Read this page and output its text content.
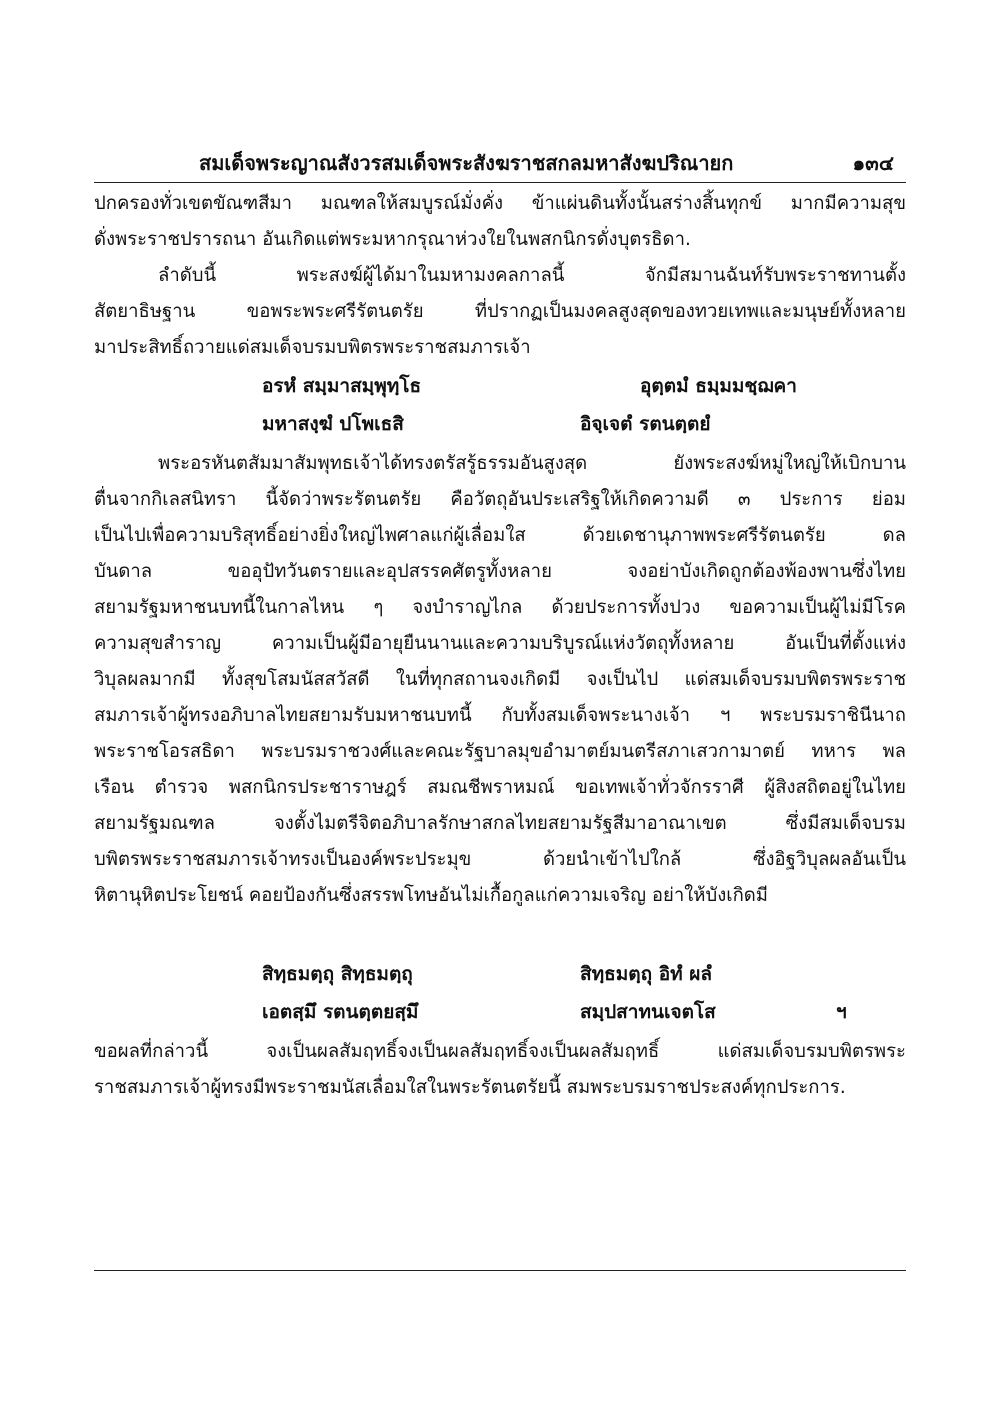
สมเด็จพระญาณสังวรสมเด็จพระสังฆราชสกลมหาสังฆปริณายก	๑๓๔
ปกครองทั่วเขตขัณฑสีมา มณฑลให้สมบูรณ์มั่งคั่ง ข้าแผ่นดินทั้งนั้นสร่างสิ้นทุกข์ มากมีความสุข
ดั่งพระราชปรารถนา อันเกิดแต่พระมหากรุณาห่วงใยในพสกนิกรดั่งบุตรธิดา.
ลำดับนี้ พระสงฆ์ผู้ได้มาในมหามงคลกาลนี้ จักมีสมานฉันท์รับพระราชทานตั้ง
สัตยาธิษฐาน ขอพระพระศรีรัตนตรัย ที่ปรากฏเป็นมงคลสูงสุดของทวยเทพและมนุษย์ทั้งหลาย
มาประสิทธิ์ถวายแด่สมเด็จบรมบพิตรพระราชสมภารเจ้า
อรหํ สมฺมาสมฺพุทฺโธ	อุตฺตมํ ธมฺมมชฺฌคา
มหาสงฺฆํ ปโพเธสิ	อิจฺเจตํ รตนตฺตยํ
พระอรหันตสัมมาสัมพุทธเจ้าได้ทรงตรัสรู้ธรรมอันสูงสุด ยังพระสงฆ์หมู่ใหญ่ให้เบิกบาน
ตื่นจากกิเลสนิทรา นี้จัดว่าพระรัตนตรัย คือวัตถุอันประเสริฐให้เกิดความดี ๓ ประการ ย่อม
เป็นไปเพื่อความบริสุทธิ์อย่างยิ่งใหญ่ไพศาลแก่ผู้เลื่อมใส ด้วยเดชานุภาพพระศรีรัตนตรัย ดล
บันดาล ขออุปัทวันตรายและอุปสรรคศัตรูทั้งหลาย จงอย่าบังเกิดถูกต้องพ้องพานซึ่งไทย
สยามรัฐมหาชนบทนี้ในกาลไหน ๆ จงบำราญไกล ด้วยประการทั้งปวง ขอความเป็นผู้ไม่มีโรค
ความสุขสำราญ ความเป็นผู้มีอายุยืนนานและความบริบูรณ์แห่งวัตถุทั้งหลาย อันเป็นที่ตั้งแห่ง
วิบุลผลมากมี ทั้งสุขโสมนัสสวัสดี ในที่ทุกสถานจงเกิดมี จงเป็นไป แด่สมเด็จบรมบพิตรพระราช
สมภารเจ้าผู้ทรงอภิบาลไทยสยามรับมหาชนบทนี้ กับทั้งสมเด็จพระนางเจ้า ฯ พระบรมราชินีนาถ
พระราชโอรสธิดา พระบรมราชวงศ์และคณะรัฐบาลมุขอำมาตย์มนตรีสภาเสวกามาตย์ ทหาร พล
เรือน ตำรวจ พสกนิกรประชาราษฎร์ สมณชีพราหมณ์ ขอเทพเจ้าทั่วจักรราศี ผู้สิงสถิตอยู่ในไทย
สยามรัฐมณฑล จงตั้งไมตรีจิตอภิบาลรักษาสกลไทยสยามรัฐสีมาอาณาเขต ซึ่งมีสมเด็จบรม
บพิตรพระราชสมภารเจ้าทรงเป็นองค์พระประมุข ด้วยนำเข้าไปใกล้ ซึ่งอิฐวิบุลผลอันเป็น
หิตานุหิตประโยชน์ คอยป้องกันซึ่งสรรพโทษอันไม่เกื้อกูลแก่ความเจริญ อย่าให้บังเกิดมี
สิทฺธมตฺถุ สิทฺธมตฺถุ	สิทฺธมตฺถุ อิทํ ผลํ
เอตสฺมึ รตนตฺตยสฺมึ	สมฺปสาทนเจตโส	ฯ
ขอผลที่กล่าวนี้ จงเป็นผลสัมฤทธิ์จงเป็นผลสัมฤทธิ์จงเป็นผลสัมฤทธิ์ แด่สมเด็จบรมบพิตรพระ
ราชสมภารเจ้าผู้ทรงมีพระราชมนัสเลื่อมใสในพระรัตนตรัยนี้ สมพระบรมราชประสงค์ทุกประการ.
